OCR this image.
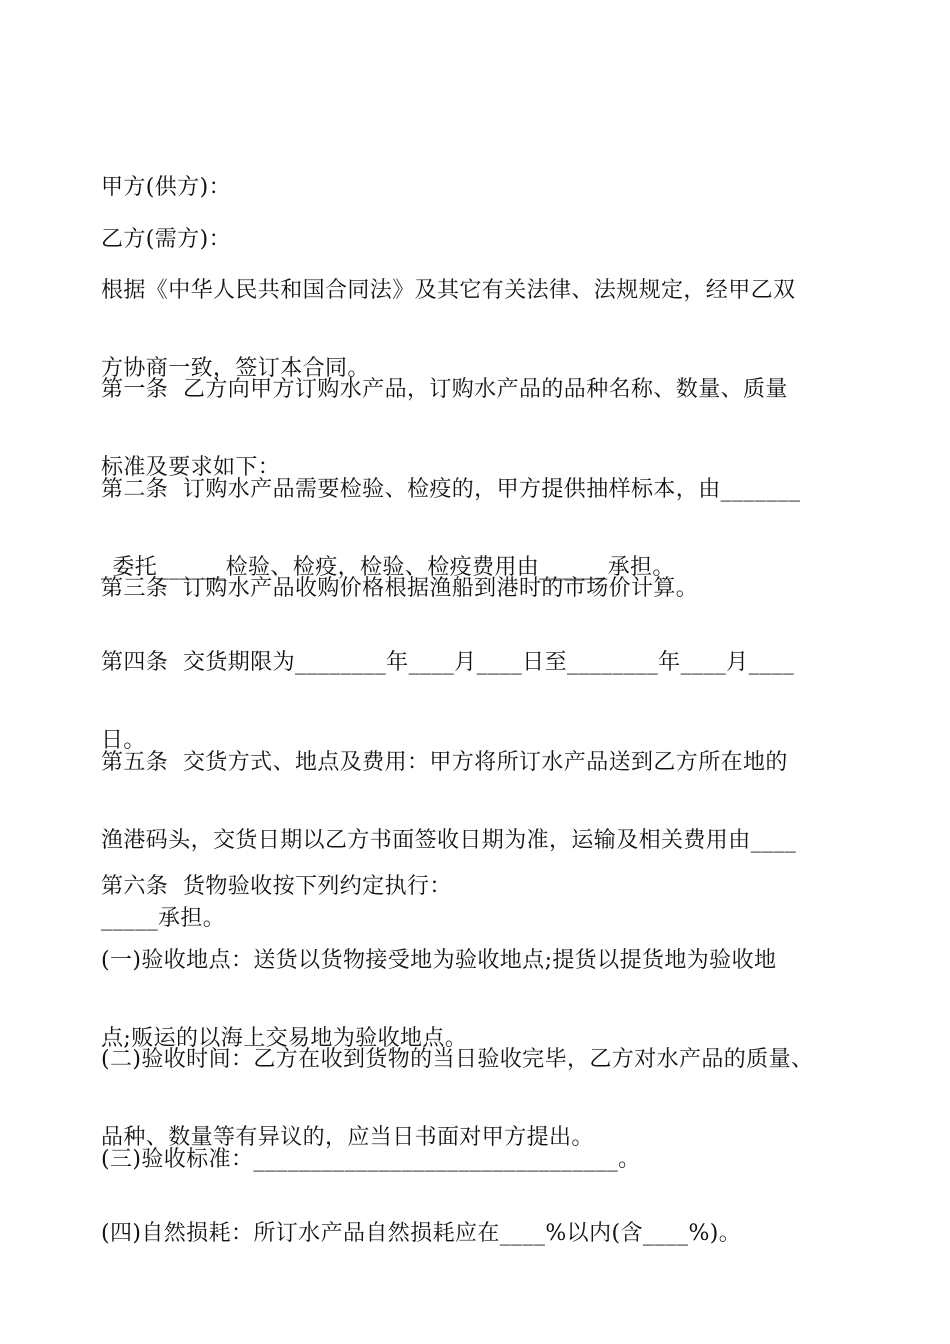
甲方(供方)：

乙方(需方)：

根据《中华人民共和国合同法》及其它有关法律、法规规定，经甲乙双

方协商一致，签订本合同。

第一条  乙方向甲方订购水产品，订购水产品的品种名称、数量、质量

标准及要求如下：

第二条  订购水产品需要检验、检疫的，甲方提供抽样标本，由_______

_委托______检验、检疫，检验、检疫费用由______承担。

第三条  订购水产品收购价格根据渔船到港时的市场价计算。

第四条  交货期限为________年____月____日至________年____月____

日。

第五条  交货方式、地点及费用：甲方将所订水产品送到乙方所在地的

渔港码头，交货日期以乙方书面签收日期为准，运输及相关费用由____

_____承担。

第六条  货物验收按下列约定执行：

(一)验收地点：送货以货物接受地为验收地点;提货以提货地为验收地

点;贩运的以海上交易地为验收地点。

(二)验收时间：乙方在收到货物的当日验收完毕，乙方对水产品的质量、

品种、数量等有异议的，应当日书面对甲方提出。

(三)验收标准：________________________________。

(四)自然损耗：所订水产品自然损耗应在____%以内(含____%)。
